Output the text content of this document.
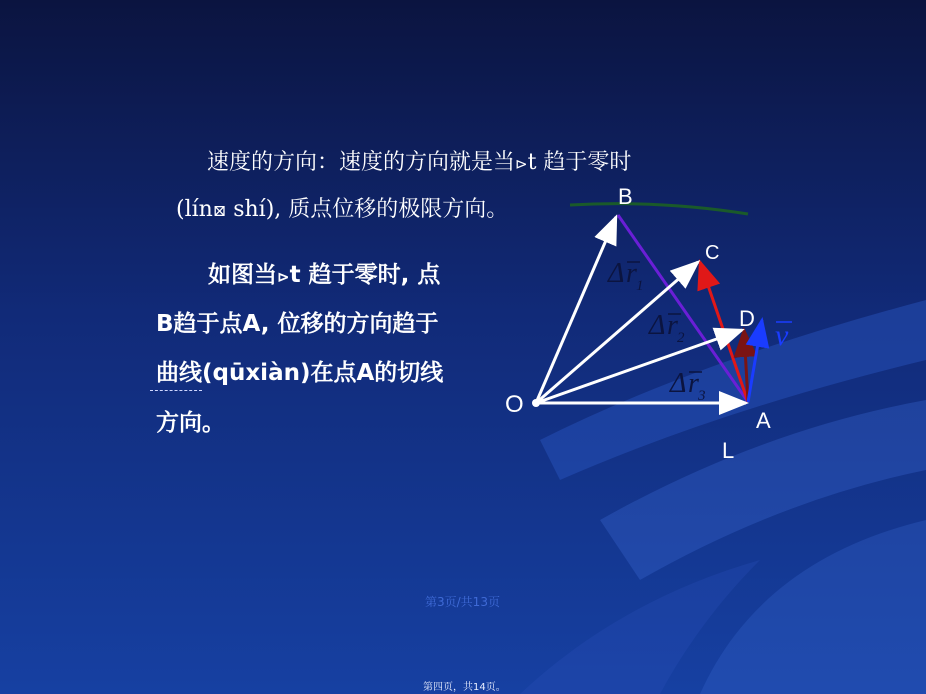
速度的方向：速度的方向就是当⊳t 趋于零时
(lín⊠ shí), 质点位移的极限方向。
如图当⊳t 趋于零时, 点
B趋于点A, 位移的方向趋于
曲线(qūxiàn)在点A的切线
方向。
B
C
D
O
A
L
Δ r 1
Δ r 2
Δ r 3
v
第3页/共13页
第四页，共14页。
